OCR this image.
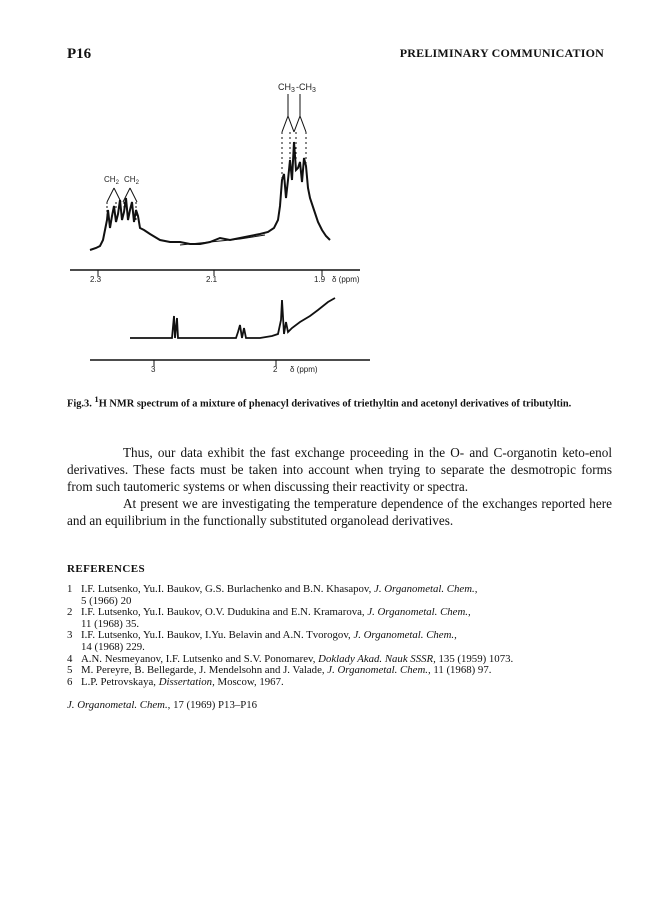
P16	PRELIMINARY COMMUNICATION
$CH_3$ $-CH_3$
$CH_2$ $CH_2$
2.3	2.1	1.9 δ (ppm)
3	2 δ (ppm)
Fig.3. $^1$H NMR spectrum of a mixture of phenacyl derivatives of triethyltin and acetonyl derivatives of tributyltin.

Thus, our data exhibit the fast exchange proceeding in the O- and C-organotin keto-enol derivatives. These facts must be taken into account when trying to separate the desmotropic forms from such tautomeric systems or when discussing their reactivity or spectra.

At present we are investigating the temperature dependence of the exchanges reported here and an equilibrium in the functionally substituted organolead derivatives.

REFERENCES
1 I.F. Lutsenko, Yu.I. Baukov, G.S. Burlachenko and B.N. Khasapov, J. Organometal. Chem.,
5 (1966) 20
2 I.F. Lutsenko, Yu.I. Baukov, O.V. Dudukina and E.N. Kramarova, J. Organometal. Chem.,
11 (1968) 35.
3 I.F. Lutsenko, Yu.I. Baukov, I.Yu. Belavin and A.N. Tvorogov, J. Organometal. Chem.,
14 (1968) 229.
4 A.N. Nesmeyanov, I.F. Lutsenko and S.V. Ponomarev, Doklady Akad. Nauk SSSR, 135 (1959) 1073.
5 M. Pereyre, B. Bellegarde, J. Mendelsohn and J. Valade, J. Organometal. Chem., 11 (1968) 97.
6 L.P. Petrovskaya, Dissertation, Moscow, 1967.
J. Organometal. Chem., 17 (1969) P13–P16
